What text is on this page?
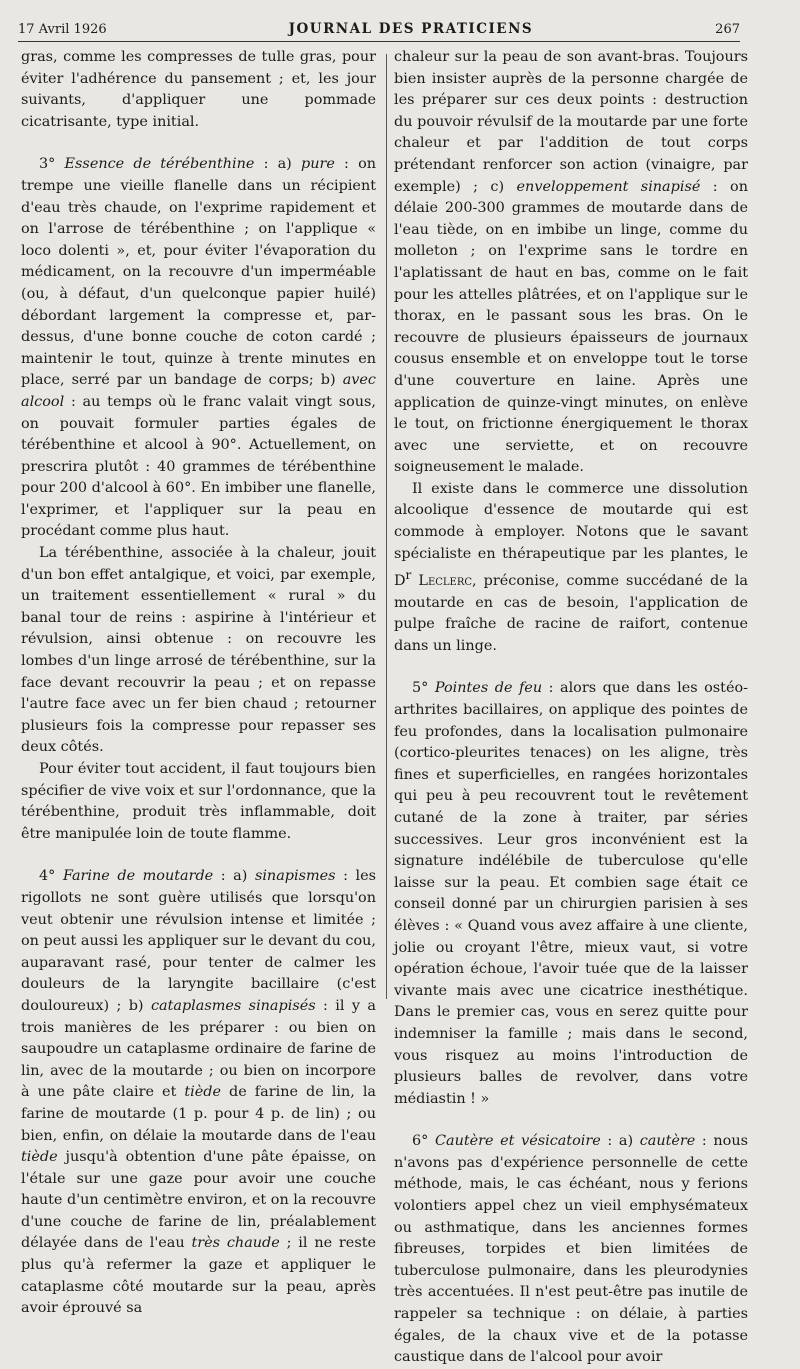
17 Avril 1926	JOURNAL DES PRATICIENS	267

gras, comme les compresses de tulle gras, pour éviter l'adhérence du pansement ; et, les jour suivants, d'appliquer une pommade cicatrisante, type initial.

3° Essence de térébenthine : a) pure : on trempe une vieille flanelle dans un récipient d'eau très chaude, on l'exprime rapidement et on l'arrose de térébenthine ; on l'applique « loco dolenti », et, pour éviter l'évaporation du médicament, on la recouvre d'un imperméable (ou, à défaut, d'un quelconque papier huilé) débordant largement la compresse et, par-dessus, d'une bonne couche de coton cardé ; maintenir le tout, quinze à trente minutes en place, serré par un bandage de corps; b) avec alcool : au temps où le franc valait vingt sous, on pouvait formuler parties égales de térébenthine et alcool à 90°. Actuellement, on prescrira plutôt : 40 grammes de térébenthine pour 200 d'alcool à 60°. En imbiber une flanelle, l'exprimer, et l'appliquer sur la peau en procédant comme plus haut.

La térébenthine, associée à la chaleur, jouit d'un bon effet antalgique, et voici, par exemple, un traitement essentiellement « rural » du banal tour de reins : aspirine à l'intérieur et révulsion, ainsi obtenue : on recouvre les lombes d'un linge arrosé de térébenthine, sur la face devant recouvrir la peau ; et on repasse l'autre face avec un fer bien chaud ; retourner plusieurs fois la compresse pour repasser ses deux côtés.

Pour éviter tout accident, il faut toujours bien spécifier de vive voix et sur l'ordonnance, que la térébenthine, produit très inflammable, doit être manipulée loin de toute flamme.

4° Farine de moutarde : a) sinapismes : les rigollots ne sont guère utilisés que lorsqu'on veut obtenir une révulsion intense et limitée ; on peut aussi les appliquer sur le devant du cou, auparavant rasé, pour tenter de calmer les douleurs de la laryngite bacillaire (c'est douloureux) ; b) cataplasmes sinapisés : il y a trois manières de les préparer : ou bien on saupoudre un cataplasme ordinaire de farine de lin, avec de la moutarde ; ou bien on incorpore à une pâte claire et tiède de farine de lin, la farine de moutarde (1 p. pour 4 p. de lin) ; ou bien, enfin, on délaie la moutarde dans de l'eau tiède jusqu'à obtention d'une pâte épaisse, on l'étale sur une gaze pour avoir une couche haute d'un centimètre environ, et on la recouvre d'une couche de farine de lin, préalablement délayée dans de l'eau très chaude ; il ne reste plus qu'à refermer la gaze et appliquer le cataplasme côté moutarde sur la peau, après avoir éprouvé sa

chaleur sur la peau de son avant-bras. Toujours bien insister auprès de la personne chargée de les préparer sur ces deux points : destruction du pouvoir révulsif de la moutarde par une forte chaleur et par l'addition de tout corps prétendant renforcer son action (vinaigre, par exemple) ; c) enveloppement sinapisé : on délaie 200-300 grammes de moutarde dans de l'eau tiède, on en imbibe un linge, comme du molleton ; on l'exprime sans le tordre en l'aplatissant de haut en bas, comme on le fait pour les attelles plâtrées, et on l'applique sur le thorax, en le passant sous les bras. On le recouvre de plusieurs épaisseurs de journaux cousus ensemble et on enveloppe tout le torse d'une couverture en laine. Après une application de quinze-vingt minutes, on enlève le tout, on frictionne énergiquement le thorax avec une serviette, et on recouvre soigneusement le malade.

Il existe dans le commerce une dissolution alcoolique d'essence de moutarde qui est commode à employer. Notons que le savant spécialiste en thérapeutique par les plantes, le $D^r$ Leclerc, préconise, comme succédané de la moutarde en cas de besoin, l'application de pulpe fraîche de racine de raifort, contenue dans un linge.

5° Pointes de feu : alors que dans les ostéo-arthrites bacillaires, on applique des pointes de feu profondes, dans la localisation pulmonaire (cortico-pleurites tenaces) on les aligne, très fines et superficielles, en rangées horizontales qui peu à peu recouvrent tout le revêtement cutané de la zone à traiter, par séries successives. Leur gros inconvénient est la signature indélébile de tuberculose qu'elle laisse sur la peau. Et combien sage était ce conseil donné par un chirurgien parisien à ses élèves : « Quand vous avez affaire à une cliente, jolie ou croyant l'être, mieux vaut, si votre opération échoue, l'avoir tuée que de la laisser vivante mais avec une cicatrice inesthétique. Dans le premier cas, vous en serez quitte pour indemniser la famille ; mais dans le second, vous risquez au moins l'introduction de plusieurs balles de revolver, dans votre médiastin ! »

6° Cautère et vésicatoire : a) cautère : nous n'avons pas d'expérience personnelle de cette méthode, mais, le cas échéant, nous y ferions volontiers appel chez un vieil emphysémateux ou asthmatique, dans les anciennes formes fibreuses, torpides et bien limitées de tuberculose pulmonaire, dans les pleurodynies très accentuées. Il n'est peut-être pas inutile de rappeler sa technique : on délaie, à parties égales, de la chaux vive et de la potasse caustique dans de l'alcool pour avoir
